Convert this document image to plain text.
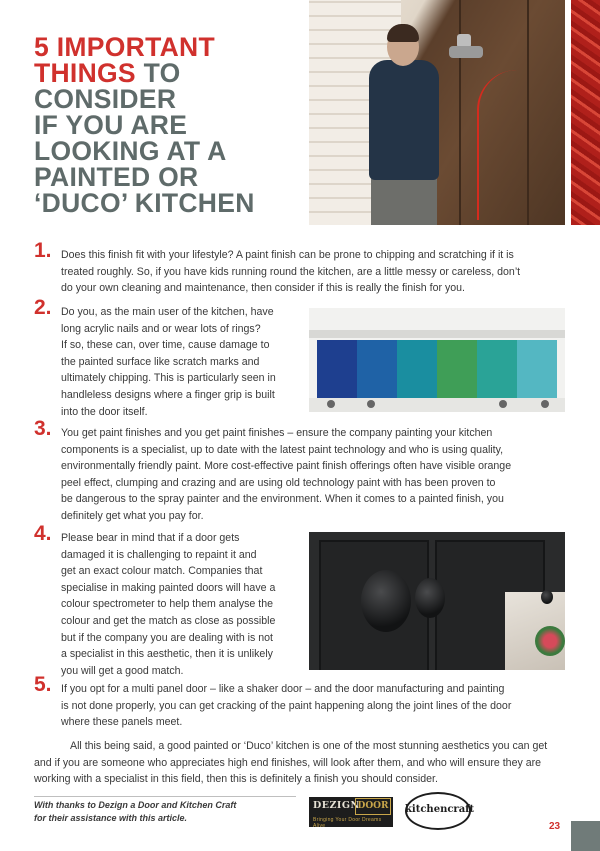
5 IMPORTANT
THINGS TO
CONSIDER
IF YOU ARE
LOOKING AT A
PAINTED OR
‘DUCO’ KITCHEN
1. Does this finish fit with your lifestyle? A paint finish can be prone to chipping and scratching if it is
treated roughly. So, if you have kids running round the kitchen, are a little messy or careless, don’t
do your own cleaning and maintenance, then consider if this is really the finish for you.
2. Do you, as the main user of the kitchen, have
long acrylic nails and or wear lots of rings?
If so, these can, over time, cause damage to
the painted surface like scratch marks and
ultimately chipping. This is particularly seen in
handleless designs where a finger grip is built
into the door itself.
3. You get paint finishes and you get paint finishes – ensure the company painting your kitchen
components is a specialist, up to date with the latest paint technology and who is using quality,
environmentally friendly paint. More cost-effective paint finish offerings often have visible orange
peel effect, clumping and crazing and are using old technology paint with has been proven to
be dangerous to the spray painter and the environment. When it comes to a painted finish, you
definitely get what you pay for.
4. Please bear in mind that if a door gets
damaged it is challenging to repaint it and
get an exact colour match. Companies that
specialise in making painted doors will have a
colour spectrometer to help them analyse the
colour and get the match as close as possible
but if the company you are dealing with is not
a specialist in this aesthetic, then it is unlikely
you will get a good match.
5. If you opt for a multi panel door – like a shaker door – and the door manufacturing and painting
is not done properly, you can get cracking of the paint happening along the joint lines of the door
where these panels meet.
All this being said, a good painted or ‘Duco’ kitchen is one of the most stunning aesthetics you can get and if you are someone who appreciates high end finishes, will look after them, and who will ensure they are working with a specialist in this field, then this is definitely a finish you should consider.
With thanks to Dezign a Door and Kitchen Craft
for their assistance with this article.
DEZIGN
DOOR
Bringing Your Door Dreams Alive
kitchencraft
23
